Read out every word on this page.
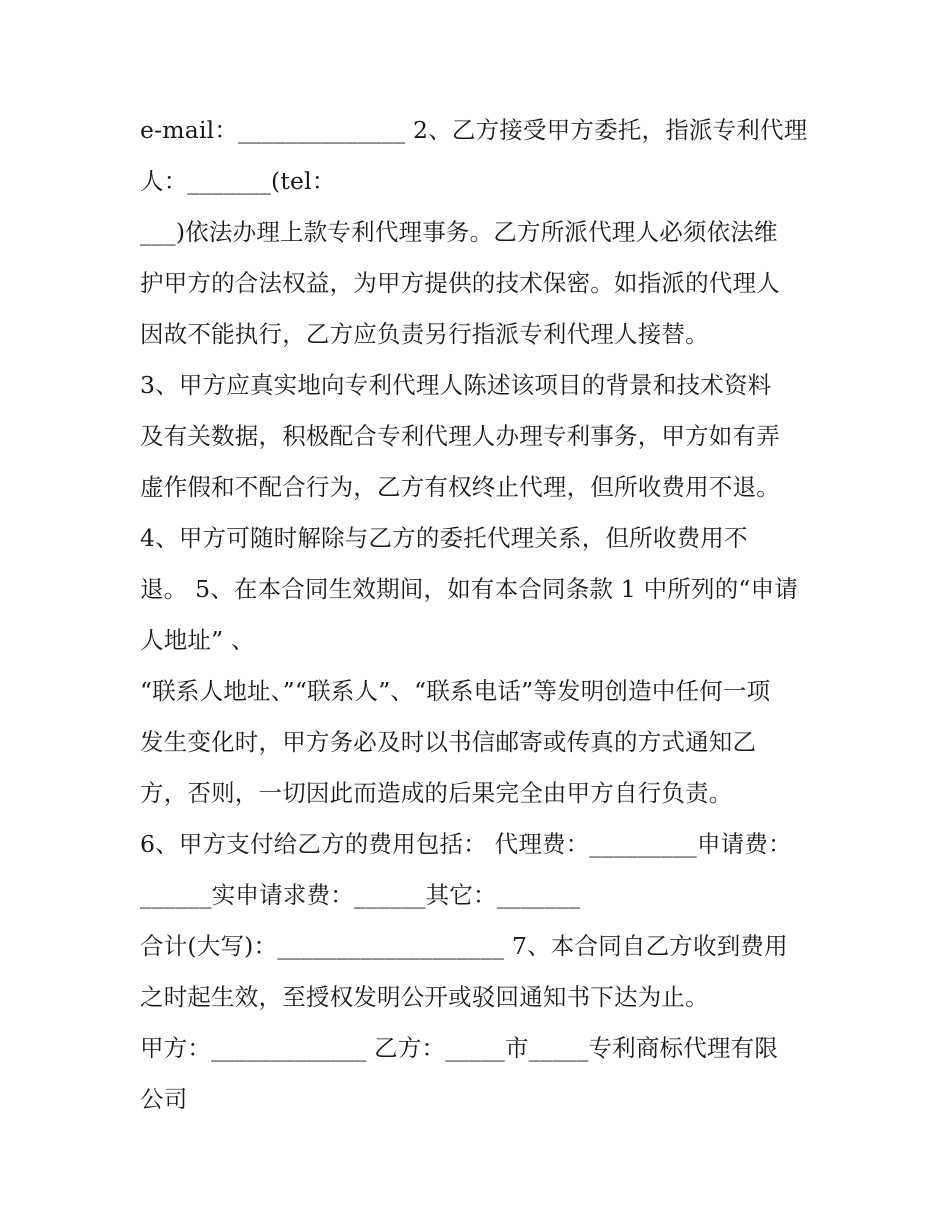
e-mail：______________ 2、乙方接受甲方委托，指派专利代理
人：_______(tel：
___)依法办理上款专利代理事务。乙方所派代理人必须依法维
护甲方的合法权益，为甲方提供的技术保密。如指派的代理人
因故不能执行，乙方应负责另行指派专利代理人接替。
3、甲方应真实地向专利代理人陈述该项目的背景和技术资料
及有关数据，积极配合专利代理人办理专利事务，甲方如有弄
虚作假和不配合行为，乙方有权终止代理，但所收费用不退。
4、甲方可随时解除与乙方的委托代理关系，但所收费用不
退。 5、在本合同生效期间，如有本合同条款 1 中所列的“申请
人地址” 、
“联系人地址、”“联系人”、“联系电话”等发明创造中任何一项
发生变化时，甲方务必及时以书信邮寄或传真的方式通知乙
方，否则，一切因此而造成的后果完全由甲方自行负责。
6、甲方支付给乙方的费用包括： 代理费：_________申请费：
______实申请求费：______其它：_______
合计(大写)：___________________ 7、本合同自乙方收到费用
之时起生效，至授权发明公开或驳回通知书下达为止。
甲方：_____________ 乙方：_____市_____专利商标代理有限
公司
